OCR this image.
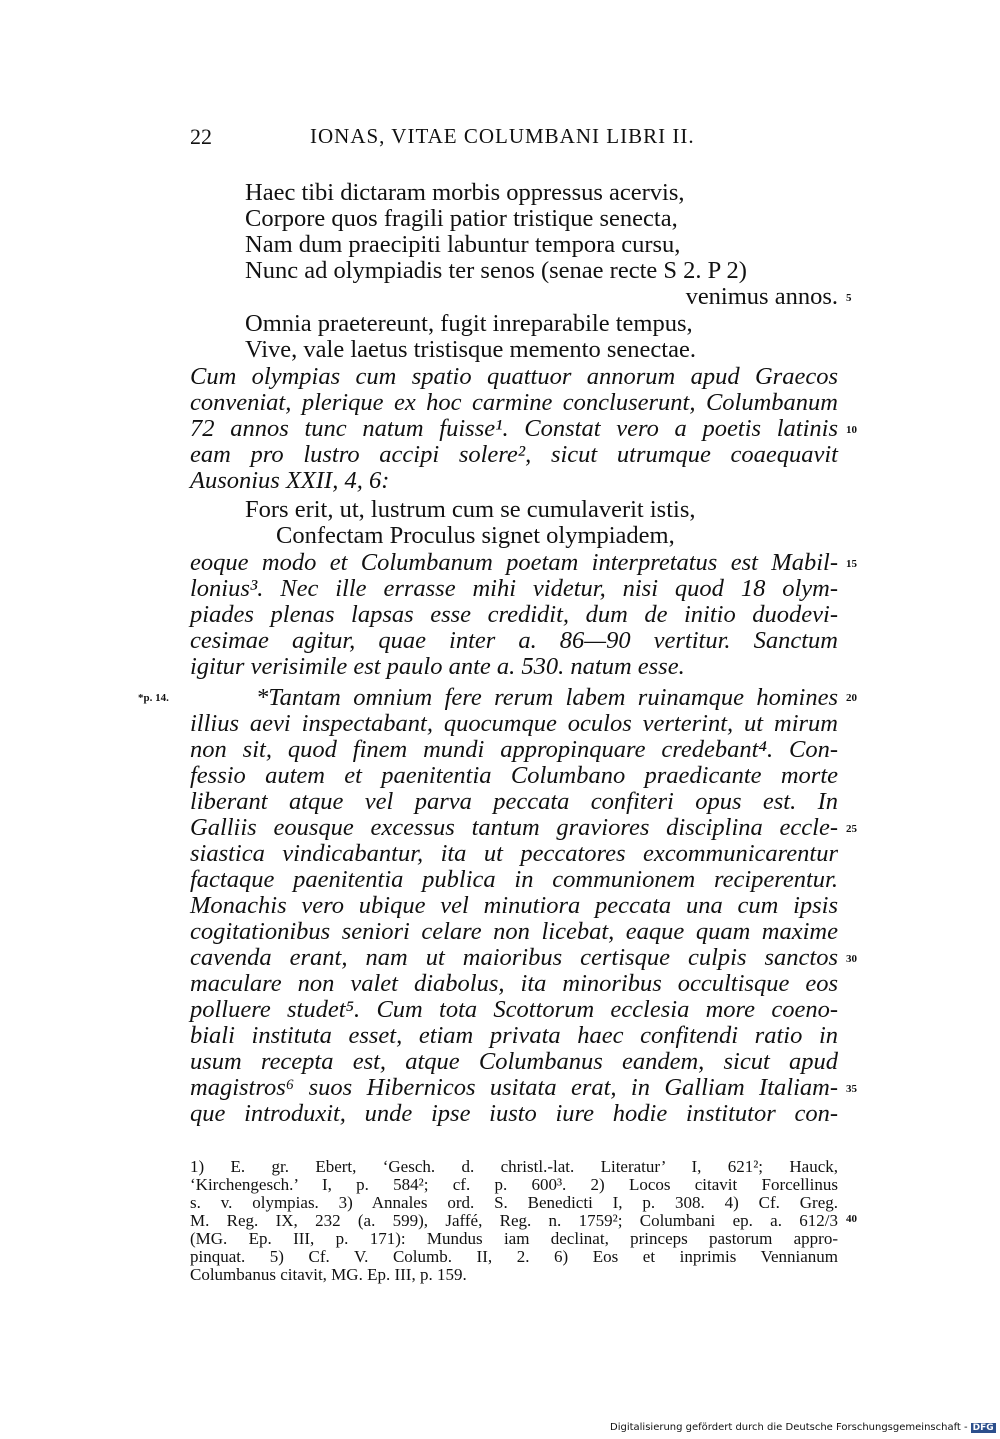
22	IONAS, VITAE COLUMBANI LIBRI II.
Haec tibi dictaram morbis oppressus acervis,
Corpore quos fragili patior tristique senecta,
Nam dum praecipiti labuntur tempora cursu,
Nunc ad olympiadis ter senos (senae recte S 2. P 2)
venimus annos.
Omnia praetereunt, fugit inreparabile tempus,
Vive, vale laetus tristisque memento senectae.
Cum olympias cum spatio quattuor annorum apud Graecos
conveniat, plerique ex hoc carmine concluserunt, Columbanum
72 annos tunc natum fuisse¹. Constat vero a poetis latinis
eam pro lustro accipi solere², sicut utrumque coaequavit
Ausonius XXII, 4, 6:
Fors erit, ut, lustrum cum se cumulaverit istis,
Confectam Proculus signet olympiadem,
eoque modo et Columbanum poetam interpretatus est Mabil-
lonius³. Nec ille errasse mihi videtur, nisi quod 18 olym-
piades plenas lapsas esse credidit, dum de initio duodevi-
cesimae agitur, quae inter a. 86—90 vertitur. Sanctum
igitur verisimile est paulo ante a. 530. natum esse.
*p. 14.	*Tantam omnium fere rerum labem ruinamque homines
illius aevi inspectabant, quocumque oculos verterint, ut mirum
non sit, quod finem mundi appropinquare credebant⁴. Con-
fessio autem et paenitentia Columbano praedicante morte
liberant atque vel parva peccata confiteri opus est. In
Galliis eousque excessus tantum graviores disciplina eccle-
siastica vindicabantur, ita ut peccatores excommunicarentur
factaque paenitentia publica in communionem reciperentur.
Monachis vero ubique vel minutiora peccata una cum ipsis
cogitationibus seniori celare non licebat, eaque quam maxime
cavenda erant, nam ut maioribus certisque culpis sanctos
maculare non valet diabolus, ita minoribus occultisque eos
polluere studet⁵. Cum tota Scottorum ecclesia more coeno-
biali instituta esset, etiam privata haec confitendi ratio in
usum recepta est, atque Columbanus eandem, sicut apud
magistros⁶ suos Hibernicos usitata erat, in Galliam Italiam-
que introduxit, unde ipse iusto iure hodie institutor con-
5
10
15
20
25
30
35
40
1) E. gr. Ebert, ‘Gesch. d. christl.-lat. Literatur’ I, 621²; Hauck,
‘Kirchengesch.’ I, p. 584²; cf. p. 600³. 2) Locos citavit Forcellinus
s. v. olympias. 3) Annales ord. S. Benedicti I, p. 308. 4) Cf. Greg.
M. Reg. IX, 232 (a. 599), Jaffé, Reg. n. 1759²; Columbani ep. a. 612/3
(MG. Ep. III, p. 171): Mundus iam declinat, princeps pastorum appro-
pinquat. 5) Cf. V. Columb. II, 2. 6) Eos et inprimis Vennianum
Columbanus citavit, MG. Ep. III, p. 159.
Digitalisierung gefördert durch die Deutsche Forschungsgemeinschaft - DFG
